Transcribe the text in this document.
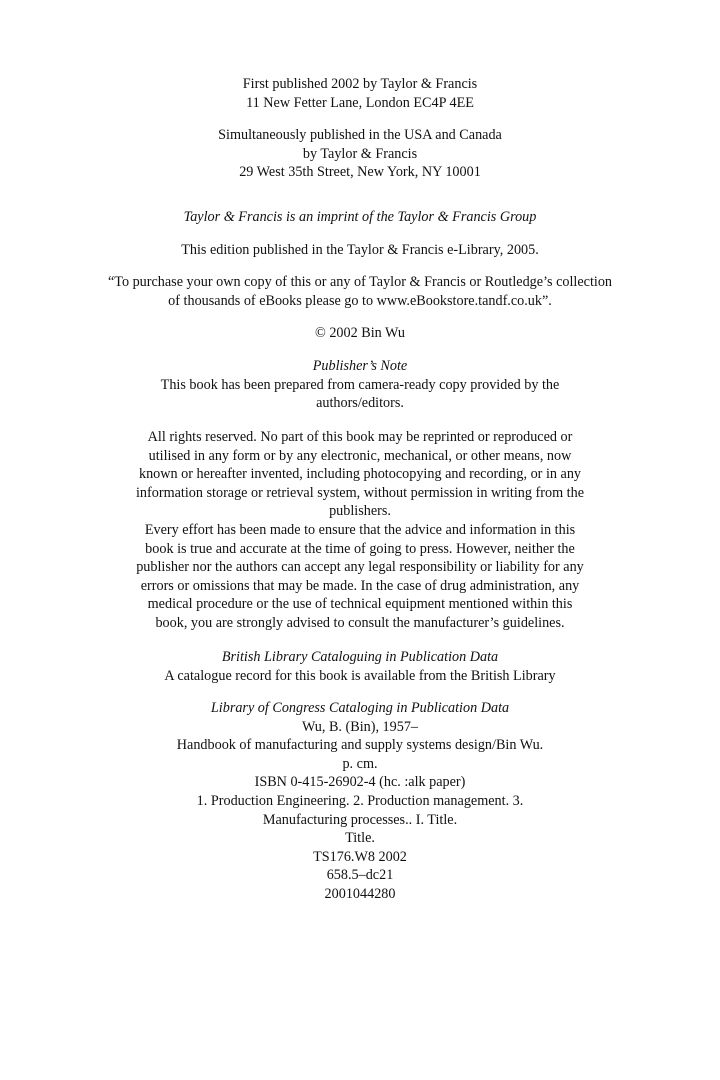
First published 2002 by Taylor & Francis
11 New Fetter Lane, London EC4P 4EE
Simultaneously published in the USA and Canada
by Taylor & Francis
29 West 35th Street, New York, NY 10001
Taylor & Francis is an imprint of the Taylor & Francis Group
This edition published in the Taylor & Francis e-Library, 2005.
“To purchase your own copy of this or any of Taylor & Francis or Routledge’s collection
of thousands of eBooks please go to www.eBookstore.tandf.co.uk”.
© 2002 Bin Wu
Publisher’s Note
This book has been prepared from camera-ready copy provided by the
authors/editors.
All rights reserved. No part of this book may be reprinted or reproduced or
utilised in any form or by any electronic, mechanical, or other means, now
known or hereafter invented, including photocopying and recording, or in any
information storage or retrieval system, without permission in writing from the
publishers.
Every effort has been made to ensure that the advice and information in this
book is true and accurate at the time of going to press. However, neither the
publisher nor the authors can accept any legal responsibility or liability for any
errors or omissions that may be made. In the case of drug administration, any
medical procedure or the use of technical equipment mentioned within this
book, you are strongly advised to consult the manufacturer’s guidelines.
British Library Cataloguing in Publication Data
A catalogue record for this book is available from the British Library
Library of Congress Cataloging in Publication Data
Wu, B. (Bin), 1957–
Handbook of manufacturing and supply systems design/Bin Wu.
p. cm.
ISBN 0-415-26902-4 (hc. :alk paper)
1. Production Engineering. 2. Production management. 3.
Manufacturing processes.. I. Title.
Title.
TS176.W8 2002
658.5–dc21
2001044280
